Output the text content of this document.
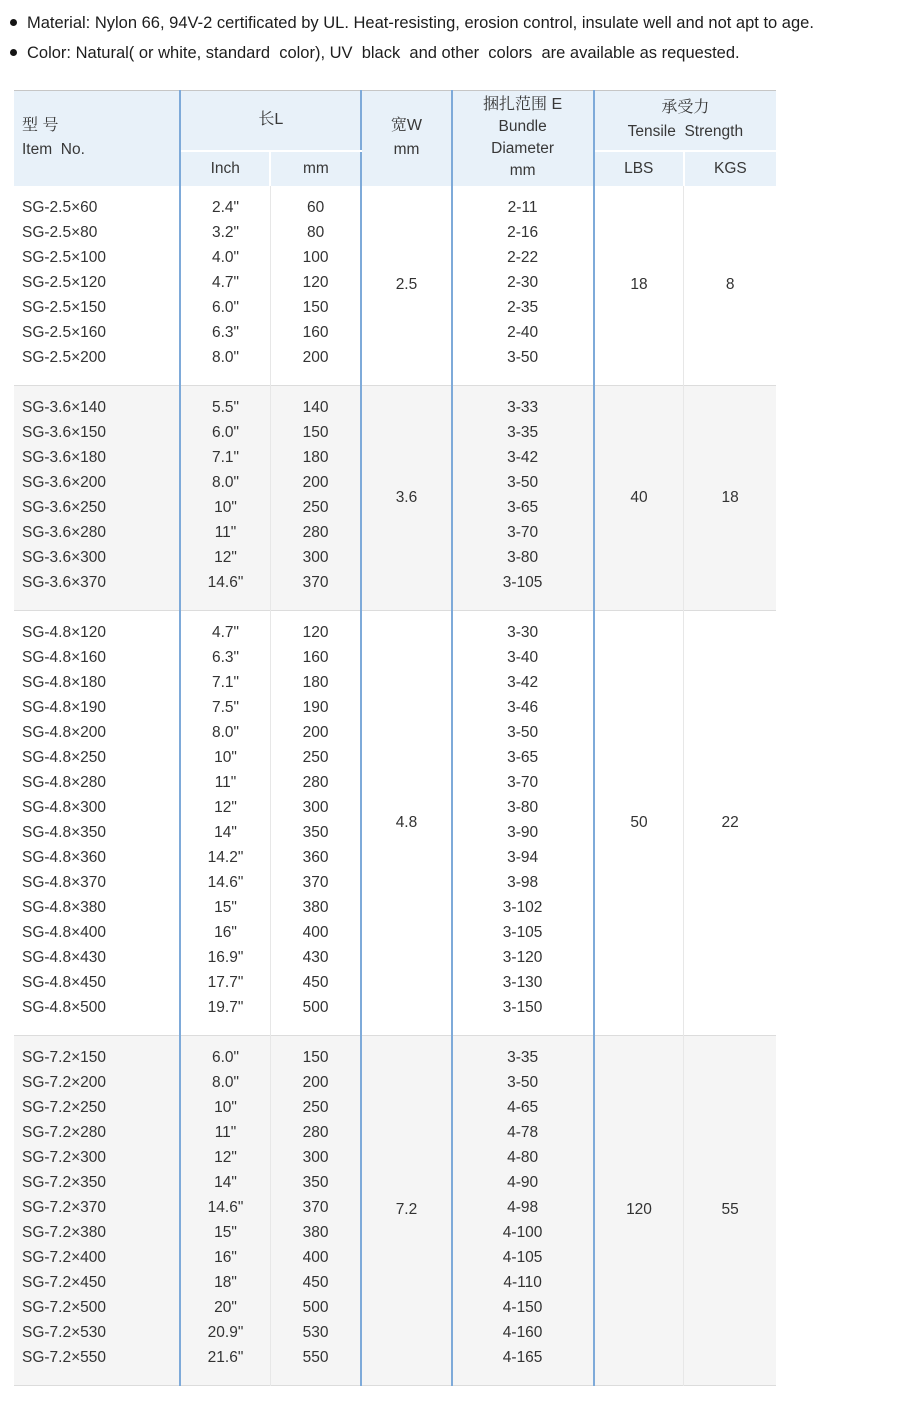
Material: Nylon 66, 94V-2 certificated by UL. Heat-resisting, erosion control, insulate well and not apt to age.
Color: Natural( or white, standard  color), UV  black  and other  colors  are available as requested.
型 号
Item  No.

长L	宽W
mm

捆扎范围 E
Bundle
Diameter
mm

承受力
Tensile  Strength

	Inch	mm			LBS	KGS
SG-2.5×60	2.4"	60	2.5	2-11	18	8
SG-2.5×80	3.2"	80		2-16		
SG-2.5×100	4.0"	100		2-22		
SG-2.5×120	4.7"	120		2-30		
SG-2.5×150	6.0"	150		2-35		
SG-2.5×160	6.3"	160		2-40		
SG-2.5×200	8.0"	200		3-50		
SG-3.6×140	5.5"	140	3.6	3-33	40	18
SG-3.6×150	6.0"	150		3-35		
SG-3.6×180	7.1"	180		3-42		
SG-3.6×200	8.0"	200		3-50		
SG-3.6×250	10"	250		3-65		
SG-3.6×280	11"	280		3-70		
SG-3.6×300	12"	300		3-80		
SG-3.6×370	14.6"	370		3-105		
SG-4.8×120	4.7"	120	4.8	3-30	50	22
SG-4.8×160	6.3"	160		3-40		
SG-4.8×180	7.1"	180		3-42		
SG-4.8×190	7.5"	190		3-46		
SG-4.8×200	8.0"	200		3-50		
SG-4.8×250	10"	250		3-65		
SG-4.8×280	11"	280		3-70		
SG-4.8×300	12"	300		3-80		
SG-4.8×350	14"	350		3-90		
SG-4.8×360	14.2"	360		3-94		
SG-4.8×370	14.6"	370		3-98		
SG-4.8×380	15"	380		3-102		
SG-4.8×400	16"	400		3-105		
SG-4.8×430	16.9"	430		3-120		
SG-4.8×450	17.7"	450		3-130		
SG-4.8×500	19.7"	500		3-150		
SG-7.2×150	6.0"	150	7.2	3-35	120	55
SG-7.2×200	8.0"	200		3-50		
SG-7.2×250	10"	250		4-65		
SG-7.2×280	11"	280		4-78		
SG-7.2×300	12"	300		4-80		
SG-7.2×350	14"	350		4-90		
SG-7.2×370	14.6"	370		4-98		
SG-7.2×380	15"	380		4-100		
SG-7.2×400	16"	400		4-105		
SG-7.2×450	18"	450		4-110		
SG-7.2×500	20"	500		4-150		
SG-7.2×530	20.9"	530		4-160		
SG-7.2×550	21.6"	550		4-165		
